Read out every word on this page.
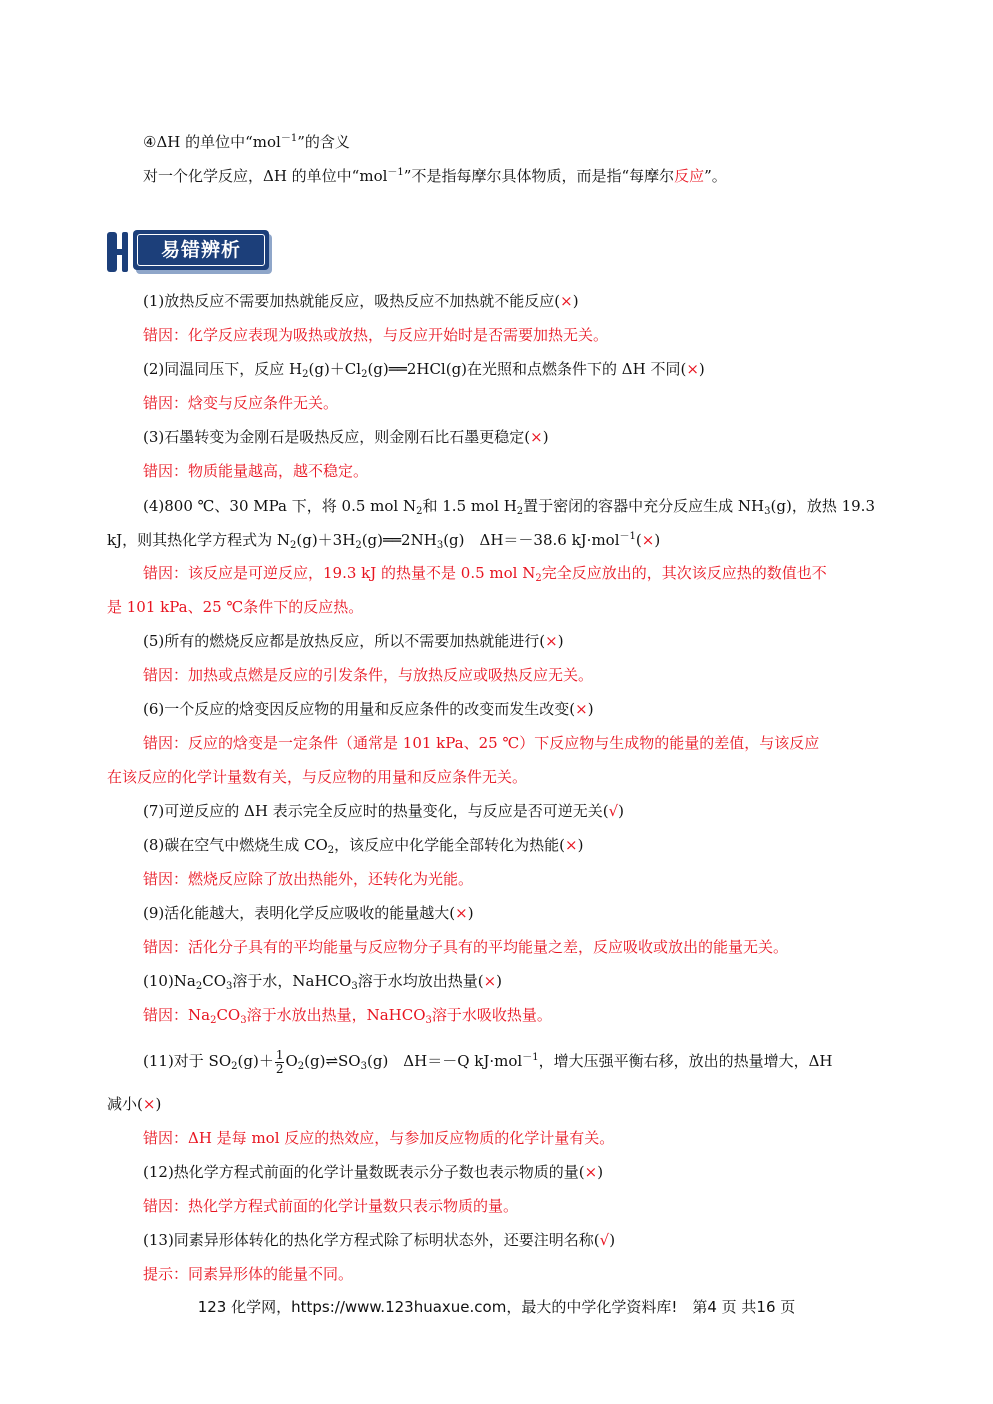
④ΔH 的单位中“mol$^{-1}$”的含义
对一个化学反应，ΔH 的单位中“mol$^{-1}$”不是指每摩尔具体物质，而是指“每摩尔反应”。
易错辨析
(1)放热反应不需要加热就能反应，吸热反应不加热就不能反应(×)
错因：化学反应表现为吸热或放热，与反应开始时是否需要加热无关。
(2)同温同压下，反应 $H_2(g)+Cl_2(g)══2HCl(g)$在光照和点燃条件下的 ΔH 不同(×)
错因：焓变与反应条件无关。
(3)石墨转变为金刚石是吸热反应，则金刚石比石墨更稳定(×)
错因：物质能量越高，越不稳定。
(4)800 ℃、30 MPa 下，将 0.5 mol $N_2$和 1.5 mol $H_2$置于密闭的容器中充分反应生成 $NH_3(g)$，放热 19.3
kJ，则其热化学方程式为 $N_2(g)+3H_2(g)══2NH_3(g)$　ΔH＝－38.6 kJ·mol$^{-1}$(×)
错因：该反应是可逆反应，19.3 kJ 的热量不是 0.5 mol $N_2$完全反应放出的，其次该反应热的数值也不
是 101 kPa、25 ℃条件下的反应热。
(5)所有的燃烧反应都是放热反应，所以不需要加热就能进行(×)
错因：加热或点燃是反应的引发条件，与放热反应或吸热反应无关。
(6)一个反应的焓变因反应物的用量和反应条件的改变而发生改变(×)
错因：反应的焓变是一定条件（通常是 101 kPa、25 ℃）下反应物与生成物的能量的差值，与该反应
在该反应的化学计量数有关，与反应物的用量和反应条件无关。
(7)可逆反应的 ΔH 表示完全反应时的热量变化，与反应是否可逆无关(√)
(8)碳在空气中燃烧生成 $CO_2$，该反应中化学能全部转化为热能(×)
错因：燃烧反应除了放出热能外，还转化为光能。
(9)活化能越大，表明化学反应吸收的能量越大(×)
错因：活化分子具有的平均能量与反应物分子具有的平均能量之差，反应吸收或放出的能量无关。
$(10)Na_2CO_3$溶于水，NaHCO$_3$溶于水均放出热量(×)
错因：$Na_2CO_3$溶于水放出热量，NaHCO$_3$溶于水吸收热量。
(11)对于 $SO_2(g)+ \frac{1}{2}$ $O_2(g)\rightleftharpoons SO_3(g)$　ΔH＝－Q kJ·mol$^{-1}$，增大压强平衡右移，放出的热量增大，ΔH
减小(×)
错因：ΔH 是每 mol 反应的热效应，与参加反应物质的化学计量有关。
(12)热化学方程式前面的化学计量数既表示分子数也表示物质的量(×)
错因：热化学方程式前面的化学计量数只表示物质的量。
(13)同素异形体转化的热化学方程式除了标明状态外，还要注明名称(√)
提示：同素异形体的能量不同。
123 化学网，https://www.123huaxue.com，最大的中学化学资料库!　第4 页 共16 页
